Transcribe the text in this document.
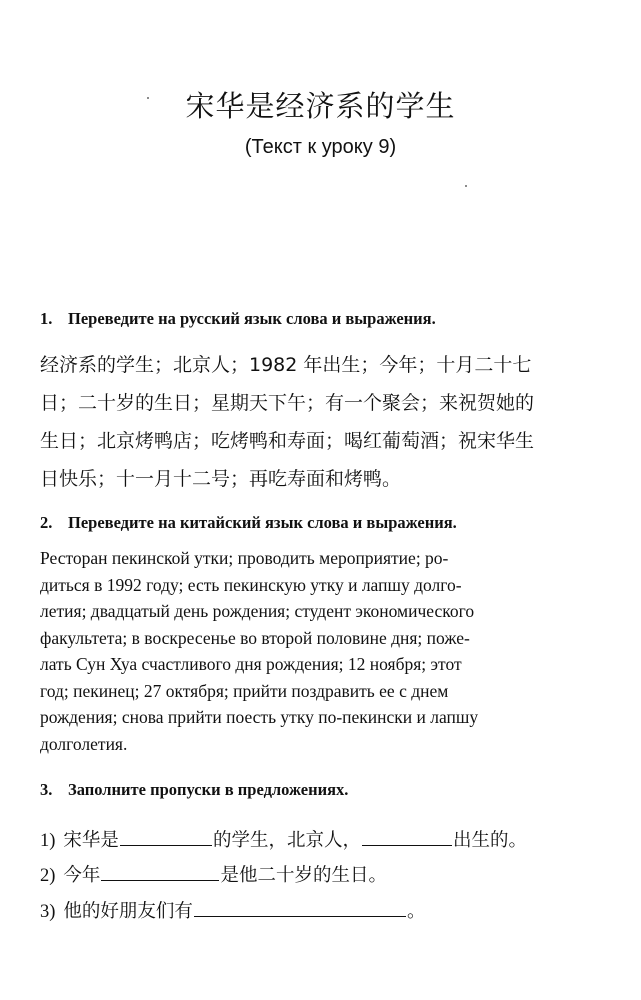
宋华是经济系的学生
(Текст к уроку 9)
1. Переведите на русский язык слова и выражения.
经济系的学生；北京人；1982 年出生；今年；十月二十七
日；二十岁的生日；星期天下午；有一个聚会；来祝贺她的
生日；北京烤鸭店；吃烤鸭和寿面；喝红葡萄酒；祝宋华生
日快乐；十一月十二号；再吃寿面和烤鸭。
2. Переведите на китайский язык слова и выражения.
Ресторан пекинской утки; проводить мероприятие; ро-
диться в 1992 году; есть пекинскую утку и лапшу долго-
летия; двадцатый день рождения; студент экономического
факультета; в воскресенье во второй половине дня; поже-
лать Сун Хуа счастливого дня рождения; 12 ноября; этот
год; пекинец; 27 октября; прийти поздравить ее с днем
рождения; снова прийти поесть утку по-пекински и лапшу
долголетия.
3. Заполните пропуски в предложениях.
1) 宋华是	的学生，北京人，	出生的。
2) 今年	是他二十岁的生日。
3) 他的好朋友们有	。
